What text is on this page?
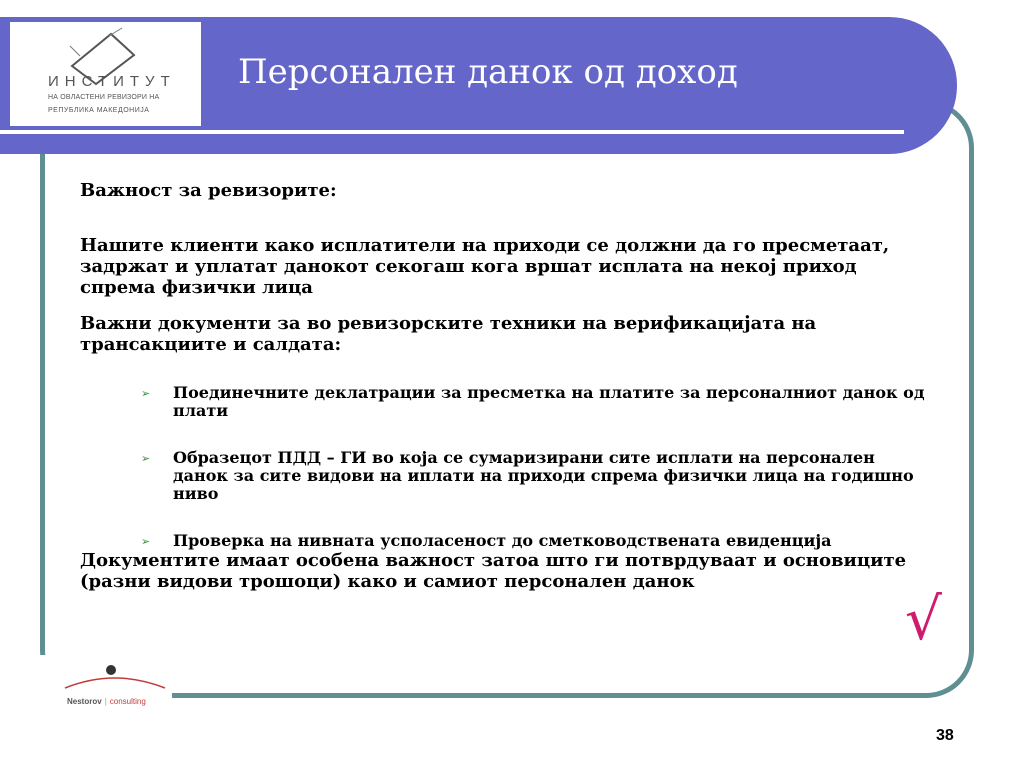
ИНСТИТУТ
НА ОВЛАСТЕНИ РЕВИЗОРИ НА
РЕПУБЛИКА МАКЕДОНИЈА
Персонален данок од доход

Важност за ревизорите:

Нашите клиенти како исплатители на приходи се должни да го пресметаат, задржат и уплатат данокот секогаш кога вршат исплата на некој приход спрема физички лица

Важни документи за во ревизорските техники на верификацијата на трансакциите и салдата:

➢ Поединечните деклатрации за пресметка на платите за персоналниот данок од плати
➢ Образецот ПДД – ГИ во која се сумаризирани сите исплати на персонален данок за сите видови на иплати на приходи спрема физички лица на годишно ниво
➢ Проверка на нивната усполасеност до сметководствената евиденција

Документите имаат особена важност затоа што ги потврдуваат и основиците (разни видови трошоци) како и самиот персонален данок

√
Nestorov | consulting
38
